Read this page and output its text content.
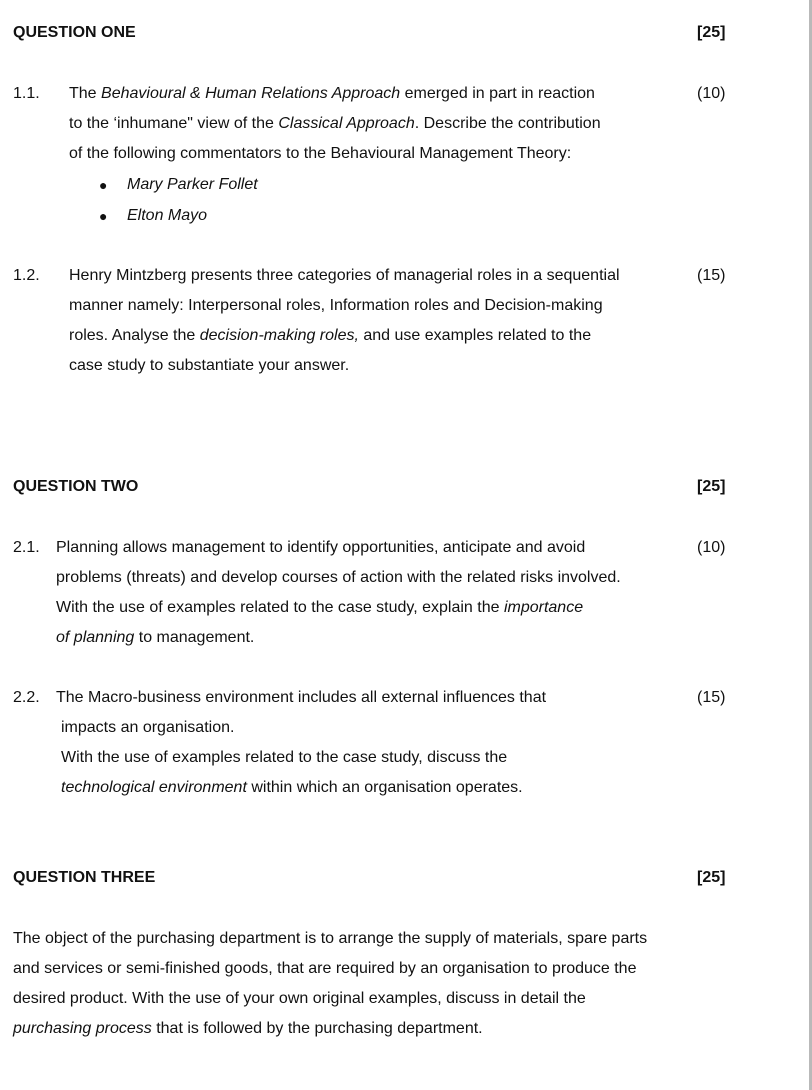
QUESTION ONE	[25]
1.1.	(10)
The Behavioural & Human Relations Approach emerged in part in reaction
to the ‘inhumane" view of the Classical Approach. Describe the contribution
of the following commentators to the Behavioural Management Theory:
● Mary Parker Follet
● Elton Mayo
1.2.	(15)
Henry Mintzberg presents three categories of managerial roles in a sequential
manner namely: Interpersonal roles, Information roles and Decision-making
roles. Analyse the decision-making roles, and use examples related to the
case study to substantiate your answer.
QUESTION TWO	[25]
2.1.	(10)
Planning allows management to identify opportunities, anticipate and avoid
problems (threats) and develop courses of action with the related risks involved.
With the use of examples related to the case study, explain the importance
of planning to management.
2.2.	(15)
The Macro-business environment includes all external influences that
impacts an organisation.
With the use of examples related to the case study, discuss the
technological environment within which an organisation operates.
QUESTION THREE	[25]
The object of the purchasing department is to arrange the supply of materials, spare parts
and services or semi-finished goods, that are required by an organisation to produce the
desired product. With the use of your own original examples, discuss in detail the
purchasing process that is followed by the purchasing department.
